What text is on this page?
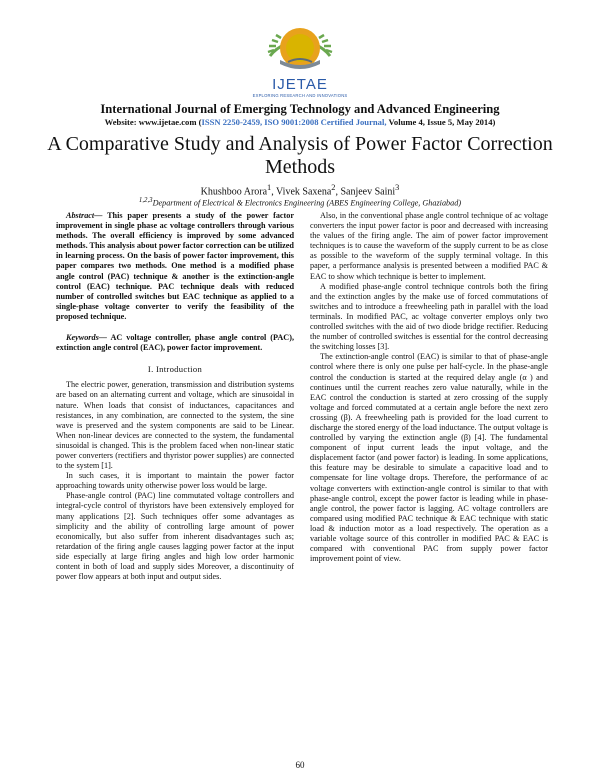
IJETAE
EXPLORING RESEARCH AND INNOVATIONS
International Journal of Emerging Technology and Advanced Engineering
Website: www.ijetae.com (ISSN 2250-2459, ISO 9001:2008 Certified Journal, Volume 4, Issue 5, May 2014)
A Comparative Study and Analysis of Power Factor Correction Methods
Khushboo Arora$^1$, Vivek Saxena$^2$, Sanjeev Saini$^3$
$^{1,2,3}$Department of Electrical & Electronics Engineering (ABES Engineering College, Ghaziabad)

Abstract— This paper presents a study of the power factor improvement in single phase ac voltage controllers through various methods. The overall efficiency is improved by some advanced methods. This analysis about power factor correction can be utilized in learning process. On the basis of power factor improvement, this paper compares two methods. One method is a modified phase angle control (PAC) technique & another is the extinction-angle control (EAC) technique. PAC technique deals with reduced number of controlled switches but EAC technique as applied to a single-phase voltage converter to verify the feasibility of the proposed technique.

Keywords— AC voltage controller, phase angle control (PAC), extinction angle control (EAC), power factor improvement.

I. Introduction

The electric power, generation, transmission and distribution systems are based on an alternating current and voltage, which are sinusoidal in nature. When loads that consist of inductances, capacitances and resistances, in any combination, are connected to the system, the sine wave is preserved and the system components are said to be Linear. When non-linear devices are connected to the system, the fundamental sinusoidal is changed. This is the problem faced when non-linear static power converters (rectifiers and thyristor power supplies) are connected to the system [1].

In such cases, it is important to maintain the power factor approaching towards unity otherwise power loss would be large.

Phase-angle control (PAC) line commutated voltage controllers and integral-cycle control of thyristors have been extensively employed for many applications [2]. Such techniques offer some advantages as simplicity and the ability of controlling large amount of power economically, but also suffer from inherent disadvantages such as; retardation of the firing angle causes lagging power factor at the input side especially at large firing angles and high low order harmonic content in both of load and supply sides Moreover, a discontinuity of power flow appears at both input and output sides.

Also, in the conventional phase angle control technique of ac voltage converters the input power factor is poor and decreased with increasing the values of the firing angle. The aim of power factor improvement techniques is to cause the waveform of the supply current to be as close as possible to the waveform of the supply terminal voltage. In this paper, a performance analysis is presented between a modified PAC & EAC to show which technique is better to implement.

A modified phase-angle control technique controls both the firing and the extinction angles by the make use of forced commutations of switches and to introduce a freewheeling path in parallel with the load terminals. In modified PAC, ac voltage converter employs only two controlled switches with the aid of two diode bridge rectifier. Reducing the number of controlled switches is essential for the control decreasing the switching losses [3].

The extinction-angle control (EAC) is similar to that of phase-angle control where there is only one pulse per half-cycle. In the phase-angle control the conduction is started at the required delay angle (α ) and continues until the current reaches zero value naturally, while in the EAC control the conduction is started at zero crossing of the supply voltage and forced commutated at a certain angle before the next zero crossing (β). A freewheeling path is provided for the load current to discharge the stored energy of the load inductance. The output voltage is controlled by varying the extinction angle (β) [4]. The fundamental component of input current leads the input voltage, and the displacement factor (and power factor) is leading. In some applications, this feature may be desirable to simulate a capacitive load and to compensate for line voltage drops. Therefore, the performance of ac voltage converters with extinction-angle control is similar to that with phase-angle control, except the power factor is leading while in phase-angle control, the power factor is lagging. AC voltage controllers are compared using modified PAC technique & EAC technique with static load & induction motor as a load respectively. The operation as a variable voltage source of this controller in modified PAC & EAC is compared with conventional PAC from supply power factor improvement point of view.

60
